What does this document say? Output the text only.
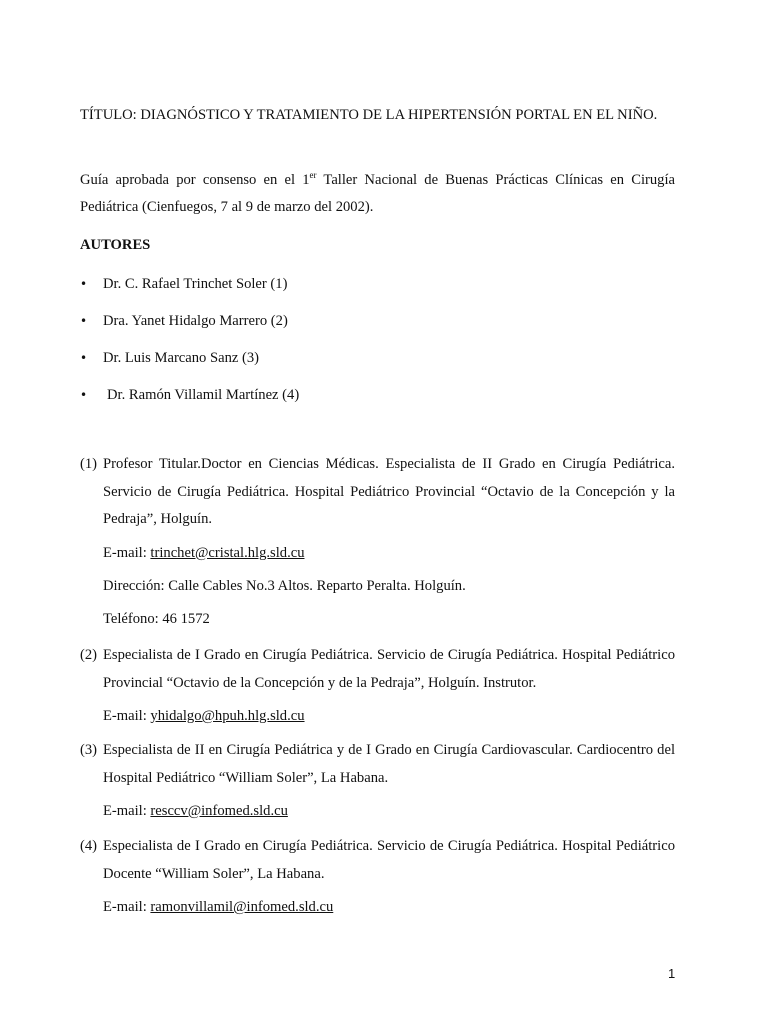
TÍTULO: DIAGNÓSTICO Y TRATAMIENTO DE LA HIPERTENSIÓN PORTAL EN EL NIÑO.
Guía aprobada por consenso en el 1er Taller Nacional de Buenas Prácticas Clínicas en Cirugía Pediátrica (Cienfuegos, 7 al 9 de marzo del 2002).
AUTORES
• Dr. C. Rafael Trinchet Soler (1)
• Dra. Yanet Hidalgo Marrero (2)
• Dr. Luis Marcano Sanz (3)
• Dr. Ramón Villamil Martínez (4)
(1) Profesor Titular.Doctor en Ciencias Médicas. Especialista de II Grado en Cirugía Pediátrica. Servicio de Cirugía Pediátrica. Hospital Pediátrico Provincial “Octavio de la Concepción y la Pedraja”, Holguín.
E-mail: trinchet@cristal.hlg.sld.cu
Dirección: Calle Cables No.3 Altos. Reparto Peralta. Holguín.
Teléfono: 46 1572
(2) Especialista de I Grado en Cirugía Pediátrica. Servicio de Cirugía Pediátrica. Hospital Pediátrico Provincial “Octavio de la Concepción y de la Pedraja”, Holguín. Instrutor.
E-mail: yhidalgo@hpuh.hlg.sld.cu
(3) Especialista de II en Cirugía Pediátrica y de I Grado en Cirugía Cardiovascular. Cardiocentro del Hospital Pediátrico “William Soler”, La Habana.
E-mail: resccv@infomed.sld.cu
(4) Especialista de I Grado en Cirugía Pediátrica. Servicio de Cirugía Pediátrica. Hospital Pediátrico Docente “William Soler”, La Habana.
E-mail: ramonvillamil@infomed.sld.cu
1
